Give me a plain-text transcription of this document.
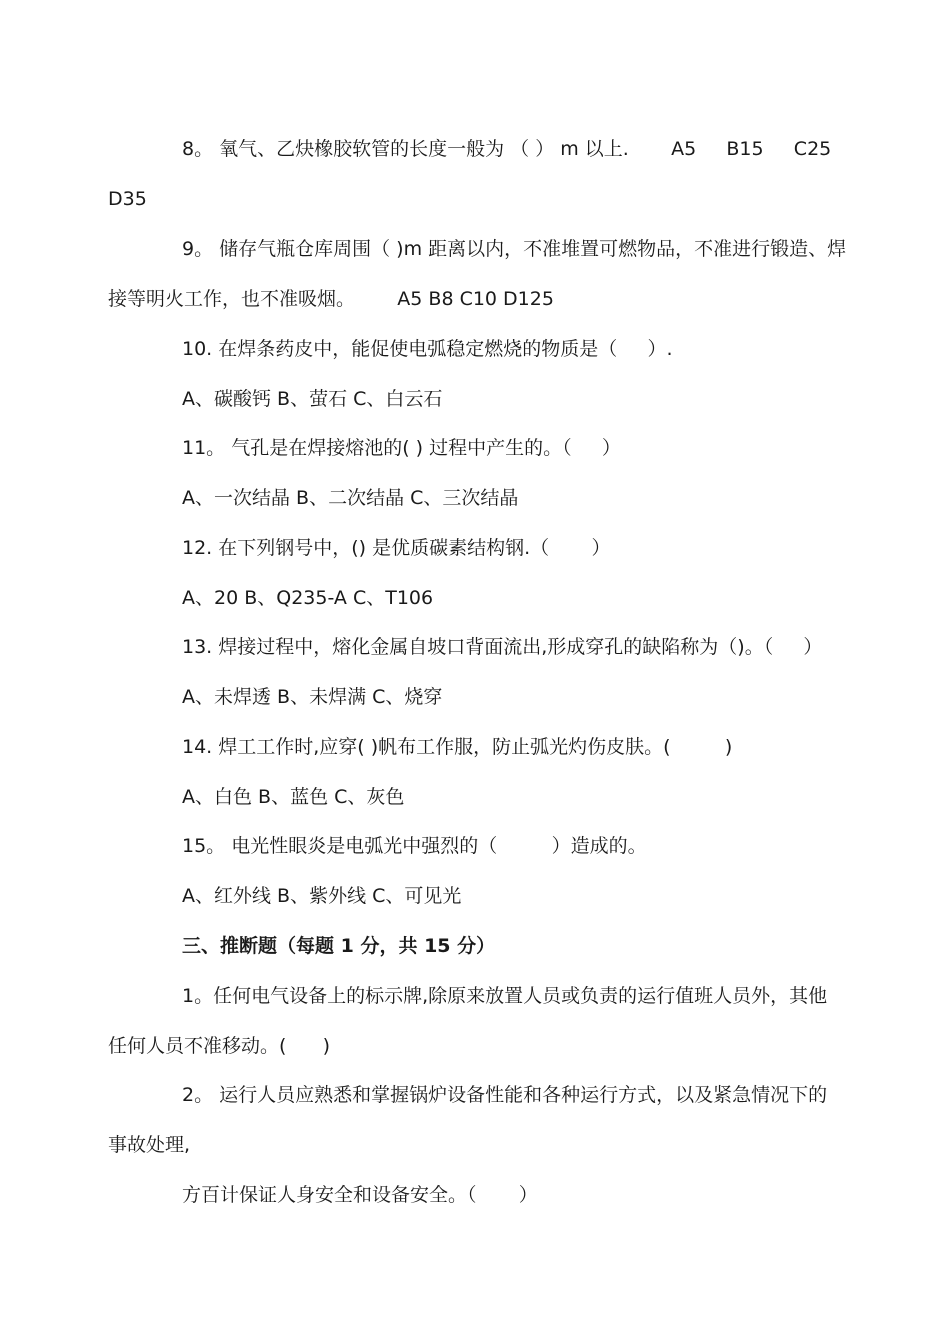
8。 氧气、乙炔橡胶软管的长度一般为 （ ） m 以上.       A5     B15     C25
D35
9。 储存气瓶仓库周围（ )m 距离以内，不准堆置可燃物品，不准进行锻造、焊
接等明火工作，也不准吸烟。       A5 B8 C10 D125
10. 在焊条药皮中，能促使电弧稳定燃烧的物质是（     ）.
A、碳酸钙 B、萤石 C、白云石
11。 气孔是在焊接熔池的( ) 过程中产生的。（     ）
A、一次结晶 B、二次结晶 C、三次结晶
12. 在下列钢号中，() 是优质碳素结构钢.（       ）
A、20 B、Q235-A C、T106
13. 焊接过程中，熔化金属自坡口背面流出,形成穿孔的缺陷称为（)。（     ）
A、未焊透 B、未焊满 C、烧穿
14. 焊工工作时,应穿( )帆布工作服，防止弧光灼伤皮肤。(         )
A、白色 B、蓝色 C、灰色
15。 电光性眼炎是电弧光中强烈的（         ）造成的。
A、红外线 B、紫外线 C、可见光
三、推断题（每题 1 分，共 15 分）
1。任何电气设备上的标示牌,除原来放置人员或负责的运行值班人员外，其他
任何人员不准移动。(      )
2。 运行人员应熟悉和掌握锅炉设备性能和各种运行方式，以及紧急情况下的
事故处理,
方百计保证人身安全和设备安全。（       ）
